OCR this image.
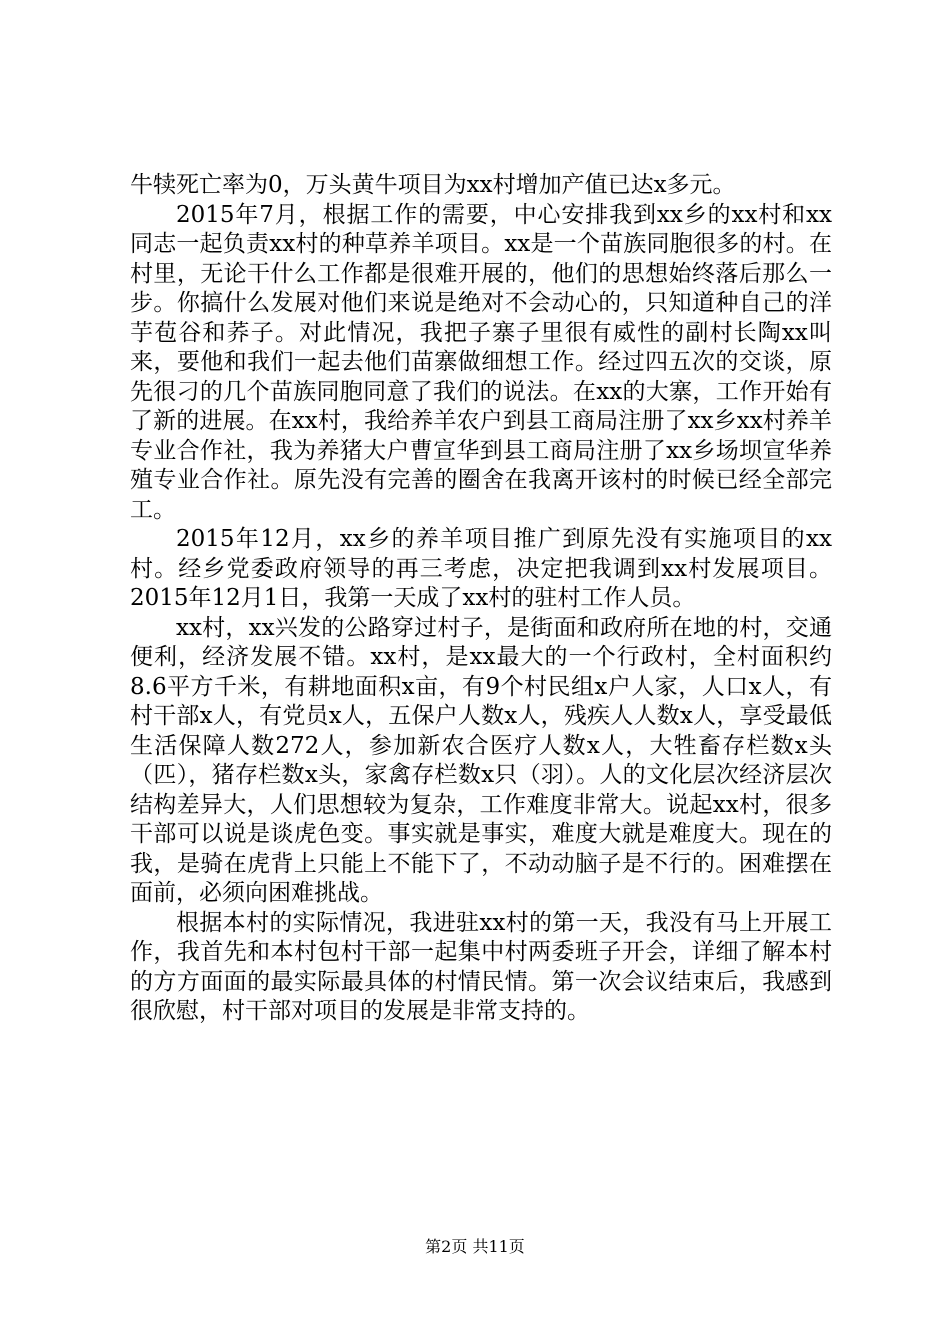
牛犊死亡率为0，万头黄牛项目为xx村增加产值已达x多元。

2015年7月，根据工作的需要，中心安排我到xx乡的xx村和xx同志一起负责xx村的种草养羊项目。xx是一个苗族同胞很多的村。在村里，无论干什么工作都是很难开展的，他们的思想始终落后那么一步。你搞什么发展对他们来说是绝对不会动心的，只知道种自己的洋芋苞谷和荞子。对此情况，我把子寨子里很有威性的副村长陶xx叫来，要他和我们一起去他们苗寨做细想工作。经过四五次的交谈，原先很刁的几个苗族同胞同意了我们的说法。在xx的大寨，工作开始有了新的进展。在xx村，我给养羊农户到县工商局注册了xx乡xx村养羊专业合作社，我为养猪大户曹宣华到县工商局注册了xx乡场坝宣华养殖专业合作社。原先没有完善的圈舍在我离开该村的时候已经全部完工。

2015年12月，xx乡的养羊项目推广到原先没有实施项目的xx村。经乡党委政府领导的再三考虑，决定把我调到xx村发展项目。2015年12月1日，我第一天成了xx村的驻村工作人员。

xx村，xx兴发的公路穿过村子，是街面和政府所在地的村，交通便利，经济发展不错。xx村，是xx最大的一个行政村，全村面积约8.6平方千米，有耕地面积x亩，有9个村民组x户人家，人口x人，有村干部x人，有党员x人，五保户人数x人，残疾人人数x人，享受最低生活保障人数272人，参加新农合医疗人数x人，大牲畜存栏数x头（匹），猪存栏数x头，家禽存栏数x只（羽）。人的文化层次经济层次结构差异大，人们思想较为复杂，工作难度非常大。说起xx村，很多干部可以说是谈虎色变。事实就是事实，难度大就是难度大。现在的我，是骑在虎背上只能上不能下了，不动动脑子是不行的。困难摆在面前，必须向困难挑战。

根据本村的实际情况，我进驻xx村的第一天，我没有马上开展工作，我首先和本村包村干部一起集中村两委班子开会，详细了解本村的方方面面的最实际最具体的村情民情。第一次会议结束后，我感到很欣慰，村干部对项目的发展是非常支持的。

第2页 共11页
